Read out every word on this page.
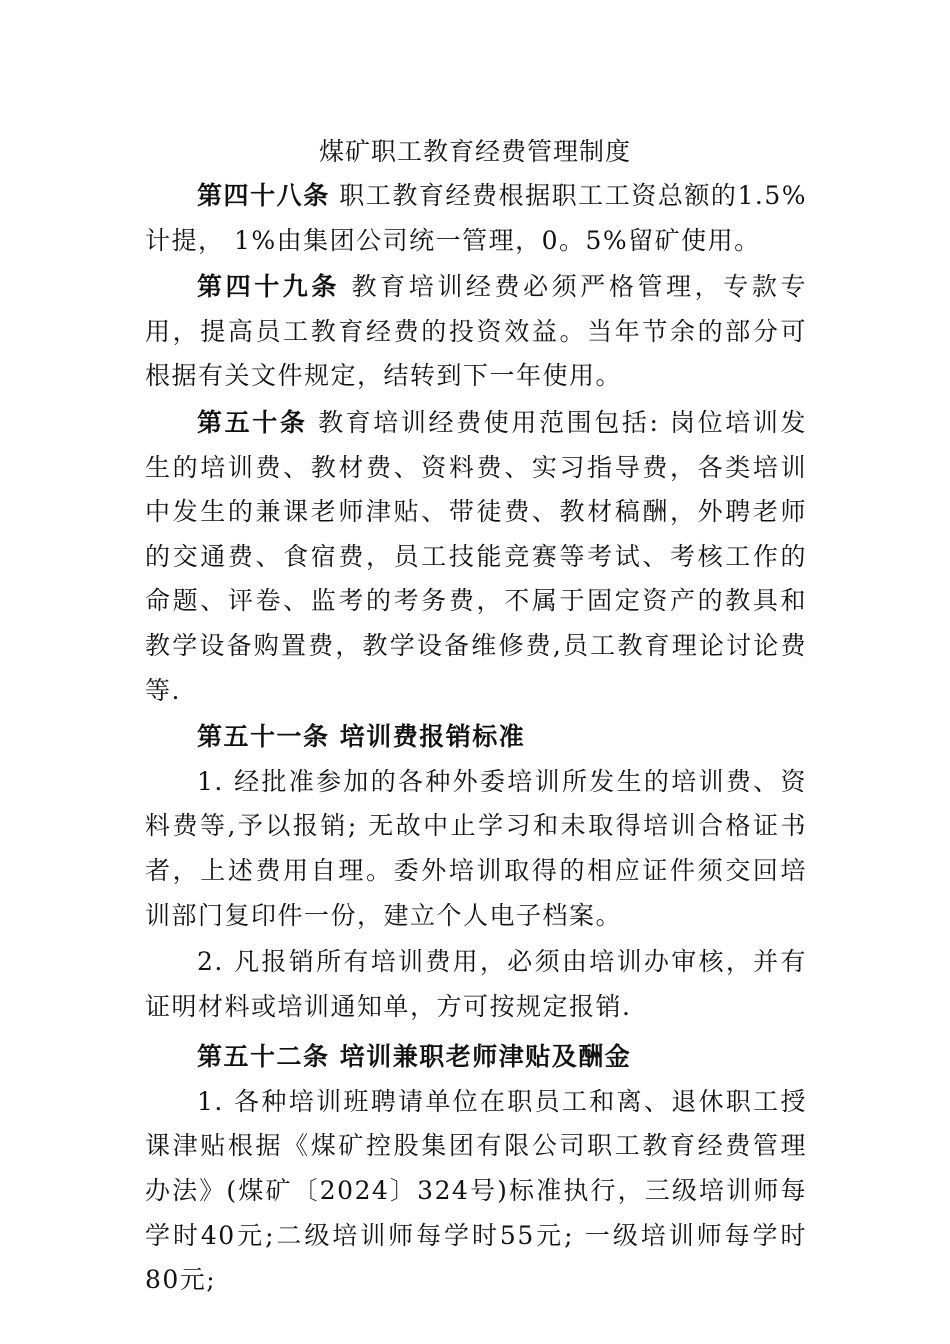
煤矿职工教育经费管理制度

第四十八条 职工教育经费根据职工工资总额的1.5%计提， 1%由集团公司统一管理，0。5%留矿使用。

第四十九条 教育培训经费必须严格管理，专款专用，提高员工教育经费的投资效益。当年节余的部分可根据有关文件规定，结转到下一年使用。

第五十条 教育培训经费使用范围包括: 岗位培训发生的培训费、教材费、资料费、实习指导费，各类培训中发生的兼课老师津贴、带徒费、教材稿酬，外聘老师的交通费、食宿费，员工技能竞赛等考试、考核工作的命题、评卷、监考的考务费，不属于固定资产的教具和教学设备购置费，教学设备维修费,员工教育理论讨论费等.

第五十一条 培训费报销标准

1. 经批准参加的各种外委培训所发生的培训费、资料费等,予以报销; 无故中止学习和未取得培训合格证书者，上述费用自理。委外培训取得的相应证件须交回培训部门复印件一份，建立个人电子档案。

2. 凡报销所有培训费用，必须由培训办审核，并有证明材料或培训通知单，方可按规定报销.

第五十二条 培训兼职老师津贴及酬金

1. 各种培训班聘请单位在职员工和离、退休职工授课津贴根据《煤矿控股集团有限公司职工教育经费管理办法》(煤矿〔2024〕324号)标准执行，三级培训师每学时40元;二级培训师每学时55元; 一级培训师每学时80元;
